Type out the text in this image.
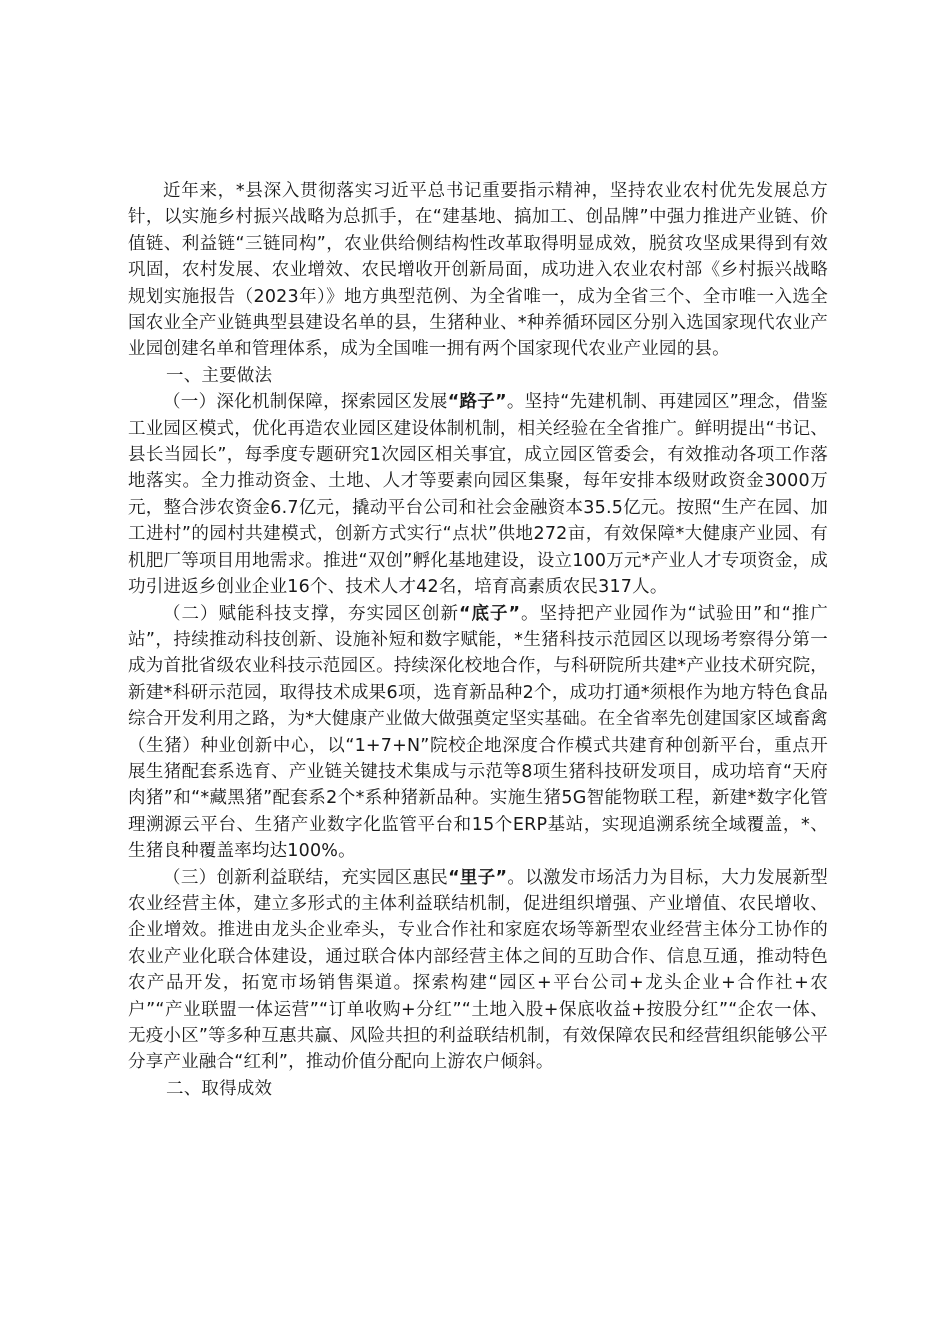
近年来，*县深入贯彻落实习近平总书记重要指示精神，坚持农业农村优先发展总方针，以实施乡村振兴战略为总抓手，在“建基地、搞加工、创品牌”中强力推进产业链、价值链、利益链“三链同构”，农业供给侧结构性改革取得明显成效，脱贫攻坚成果得到有效巩固，农村发展、农业增效、农民增收开创新局面，成功进入农业农村部《乡村振兴战略规划实施报告（2023年）》地方典型范例、为全省唯一，成为全省三个、全市唯一入选全国农业全产业链典型县建设名单的县，生猪种业、*种养循环园区分别入选国家现代农业产业园创建名单和管理体系，成为全国唯一拥有两个国家现代农业产业园的县。

一、主要做法

（一）深化机制保障，探索园区发展“路子”。坚持“先建机制、再建园区”理念，借鉴工业园区模式，优化再造农业园区建设体制机制，相关经验在全省推广。鲜明提出“书记、县长当园长”，每季度专题研究1次园区相关事宜，成立园区管委会，有效推动各项工作落地落实。全力推动资金、土地、人才等要素向园区集聚，每年安排本级财政资金3000万元，整合涉农资金6.7亿元，撬动平台公司和社会金融资本35.5亿元。按照“生产在园、加工进村”的园村共建模式，创新方式实行“点状”供地272亩，有效保障*大健康产业园、有机肥厂等项目用地需求。推进“双创”孵化基地建设，设立100万元*产业人才专项资金，成功引进返乡创业企业16个、技术人才42名，培育高素质农民317人。

（二）赋能科技支撑，夯实园区创新“底子”。坚持把产业园作为“试验田”和“推广站”，持续推动科技创新、设施补短和数字赋能，*生猪科技示范园区以现场考察得分第一成为首批省级农业科技示范园区。持续深化校地合作，与科研院所共建*产业技术研究院，新建*科研示范园，取得技术成果6项，选育新品种2个，成功打通*须根作为地方特色食品综合开发利用之路，为*大健康产业做大做强奠定坚实基础。在全省率先创建国家区域畜禽（生猪）种业创新中心，以“1+7+N”院校企地深度合作模式共建育种创新平台，重点开展生猪配套系选育、产业链关键技术集成与示范等8项生猪科技研发项目，成功培育“天府肉猪”和“*藏黑猪”配套系2个*系种猪新品种。实施生猪5G智能物联工程，新建*数字化管理溯源云平台、生猪产业数字化监管平台和15个ERP基站，实现追溯系统全域覆盖，*、生猪良种覆盖率均达100%。

（三）创新利益联结，充实园区惠民“里子”。以激发市场活力为目标，大力发展新型农业经营主体，建立多形式的主体利益联结机制，促进组织增强、产业增值、农民增收、企业增效。推进由龙头企业牵头，专业合作社和家庭农场等新型农业经营主体分工协作的农业产业化联合体建设，通过联合体内部经营主体之间的互助合作、信息互通，推动特色农产品开发，拓宽市场销售渠道。探索构建“园区+平台公司+龙头企业+合作社+农户”“产业联盟一体运营”“订单收购+分红”“土地入股+保底收益+按股分红”“企农一体、无疫小区”等多种互惠共赢、风险共担的利益联结机制，有效保障农民和经营组织能够公平分享产业融合“红利”，推动价值分配向上游农户倾斜。

二、取得成效
